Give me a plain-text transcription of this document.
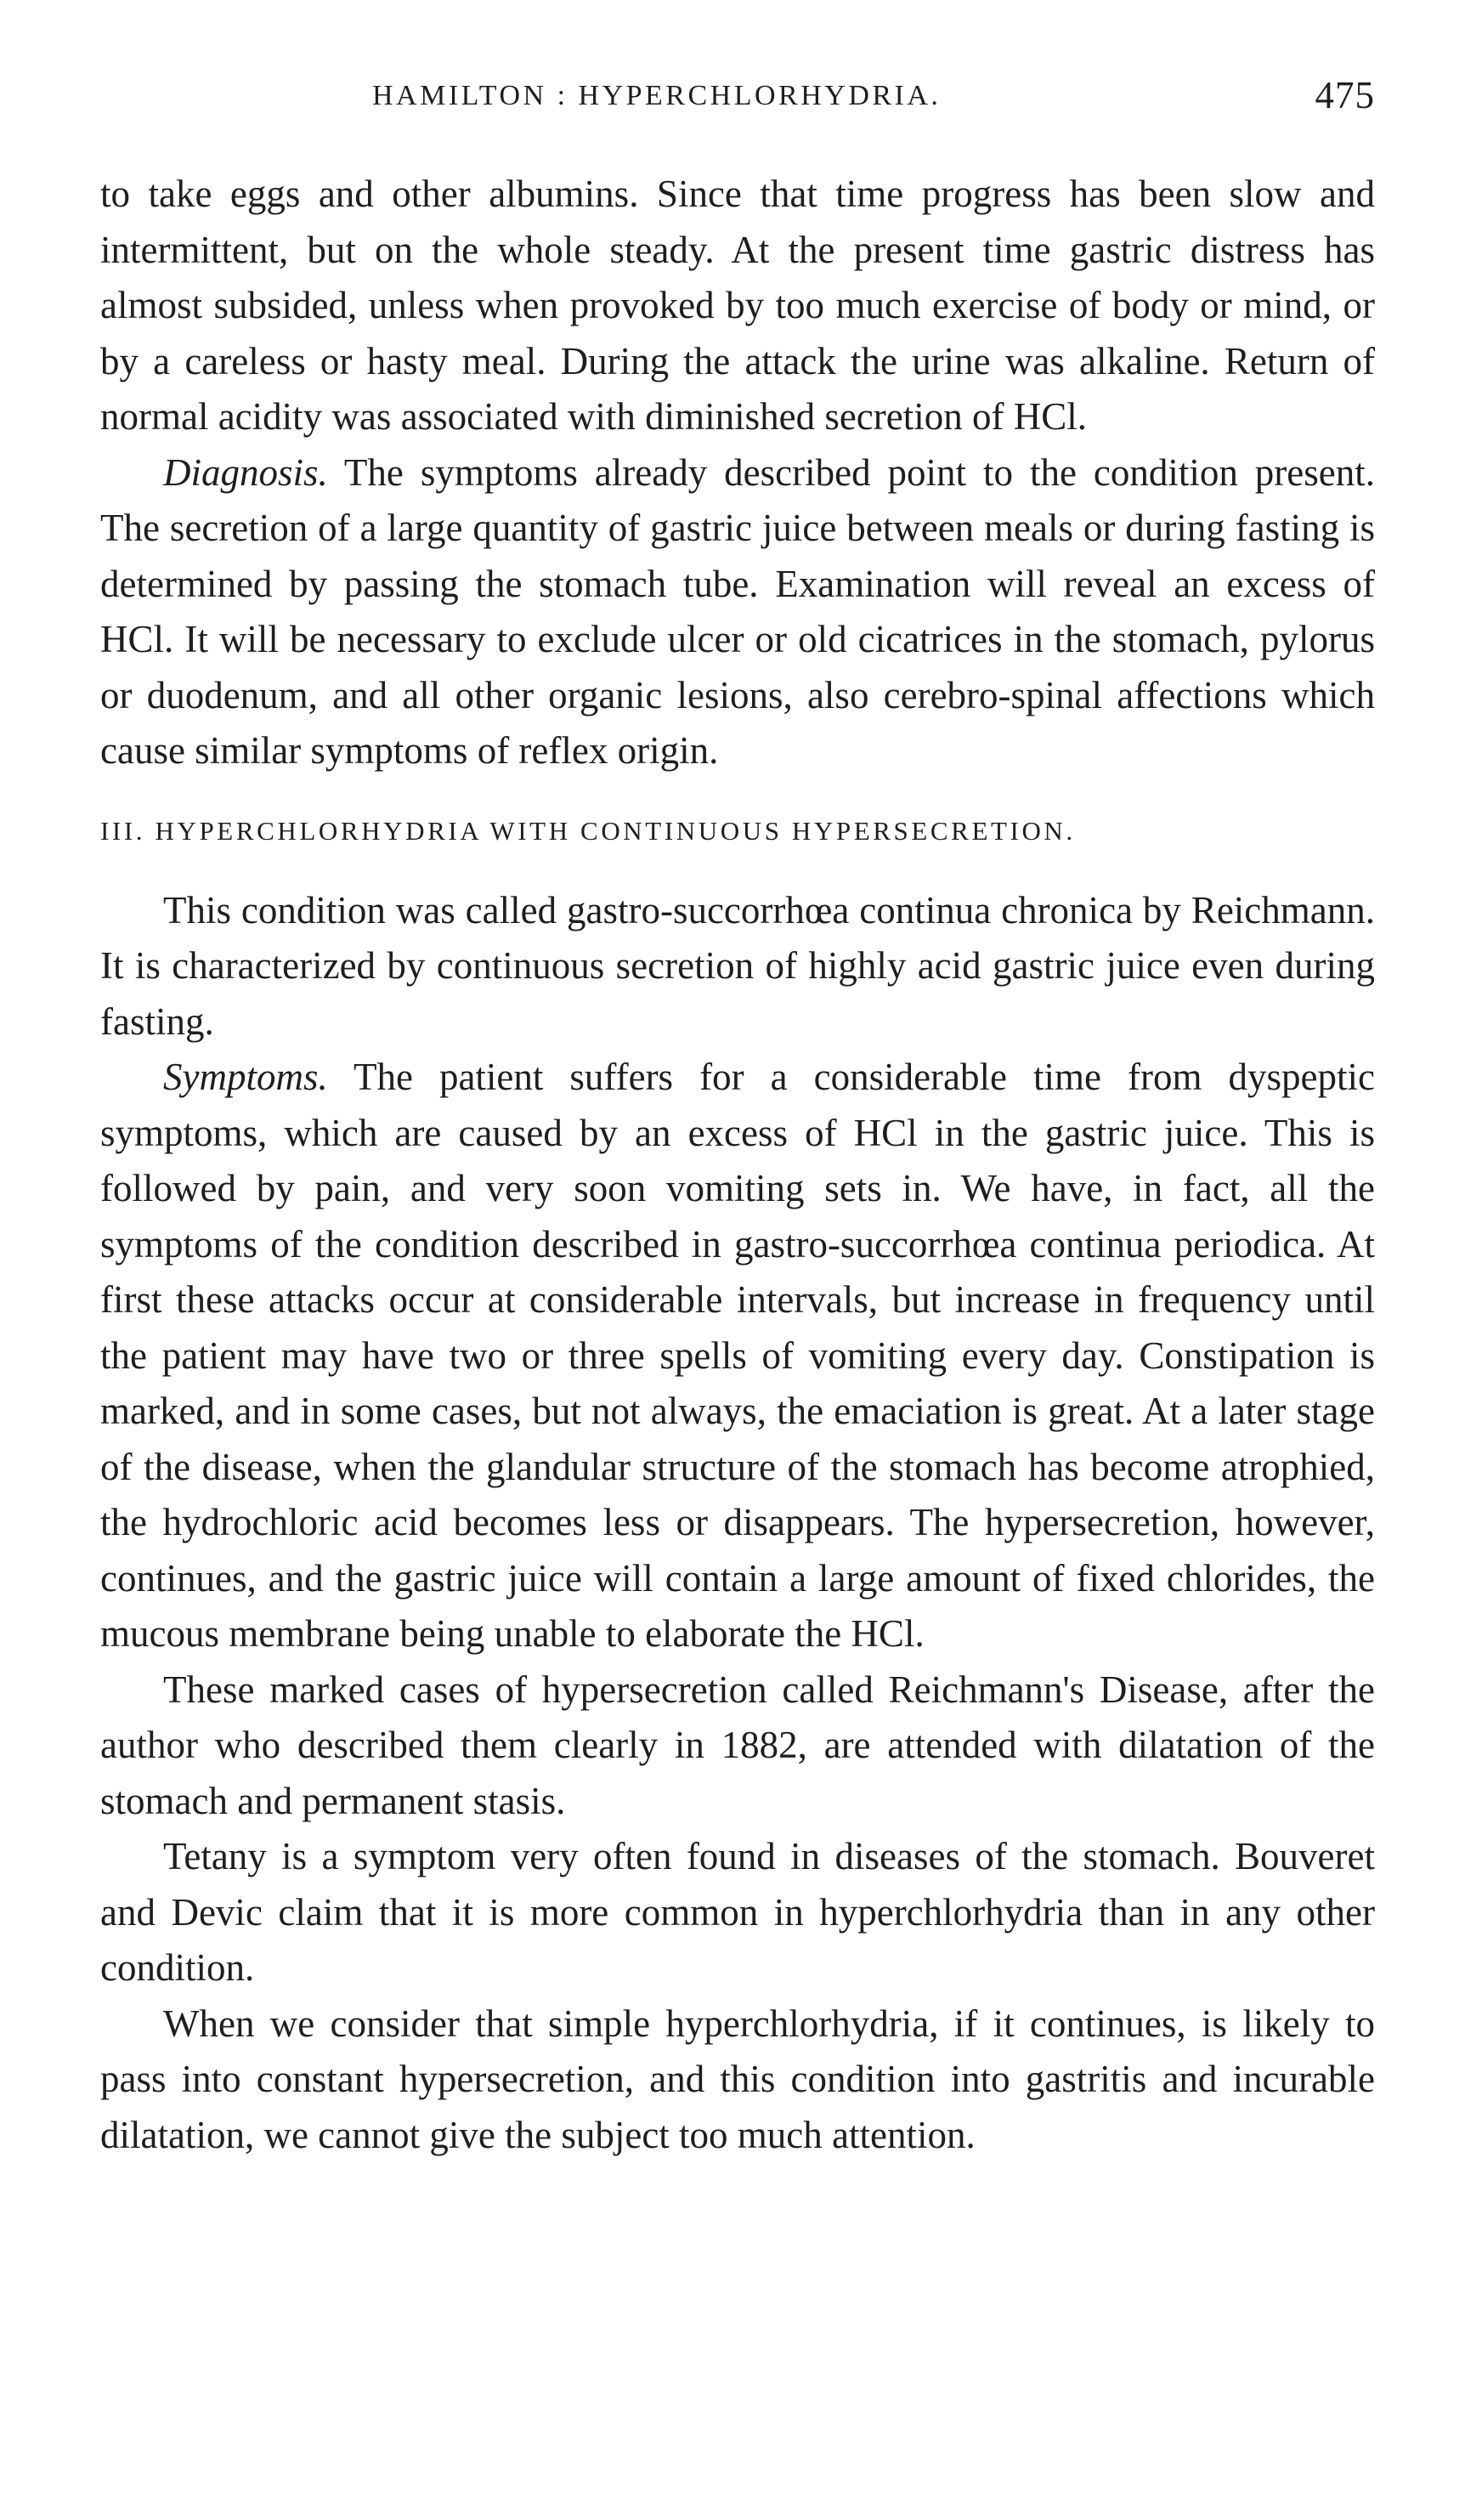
HAMILTON : HYPERCHLORHYDRIA.	475

to take eggs and other albumins. Since that time progress has been slow and intermittent, but on the whole steady. At the present time gastric distress has almost subsided, unless when provoked by too much exercise of body or mind, or by a careless or hasty meal. During the attack the urine was alkaline. Return of normal acidity was associated with diminished secretion of HCl.

Diagnosis. The symptoms already described point to the condition present. The secretion of a large quantity of gastric juice between meals or during fasting is determined by passing the stomach tube. Examination will reveal an excess of HCl. It will be necessary to exclude ulcer or old cicatrices in the stomach, pylorus or duodenum, and all other organic lesions, also cerebro-spinal affections which cause similar symptoms of reflex origin.

III. HYPERCHLORHYDRIA WITH CONTINUOUS HYPERSECRETION.

This condition was called gastro-succorrhœa continua chronica by Reichmann. It is characterized by continuous secretion of highly acid gastric juice even during fasting.

Symptoms. The patient suffers for a considerable time from dyspeptic symptoms, which are caused by an excess of HCl in the gastric juice. This is followed by pain, and very soon vomiting sets in. We have, in fact, all the symptoms of the condition described in gastro-succorrhœa continua periodica. At first these attacks occur at considerable intervals, but increase in frequency until the patient may have two or three spells of vomiting every day. Constipation is marked, and in some cases, but not always, the emaciation is great. At a later stage of the disease, when the glandular structure of the stomach has become atrophied, the hydrochloric acid becomes less or disappears. The hypersecretion, however, continues, and the gastric juice will contain a large amount of fixed chlorides, the mucous membrane being unable to elaborate the HCl.

These marked cases of hypersecretion called Reichmann's Disease, after the author who described them clearly in 1882, are attended with dilatation of the stomach and permanent stasis.

Tetany is a symptom very often found in diseases of the stomach. Bouveret and Devic claim that it is more common in hyperchlorhydria than in any other condition.

When we consider that simple hyperchlorhydria, if it continues, is likely to pass into constant hypersecretion, and this condition into gastritis and incurable dilatation, we cannot give the subject too much attention.
